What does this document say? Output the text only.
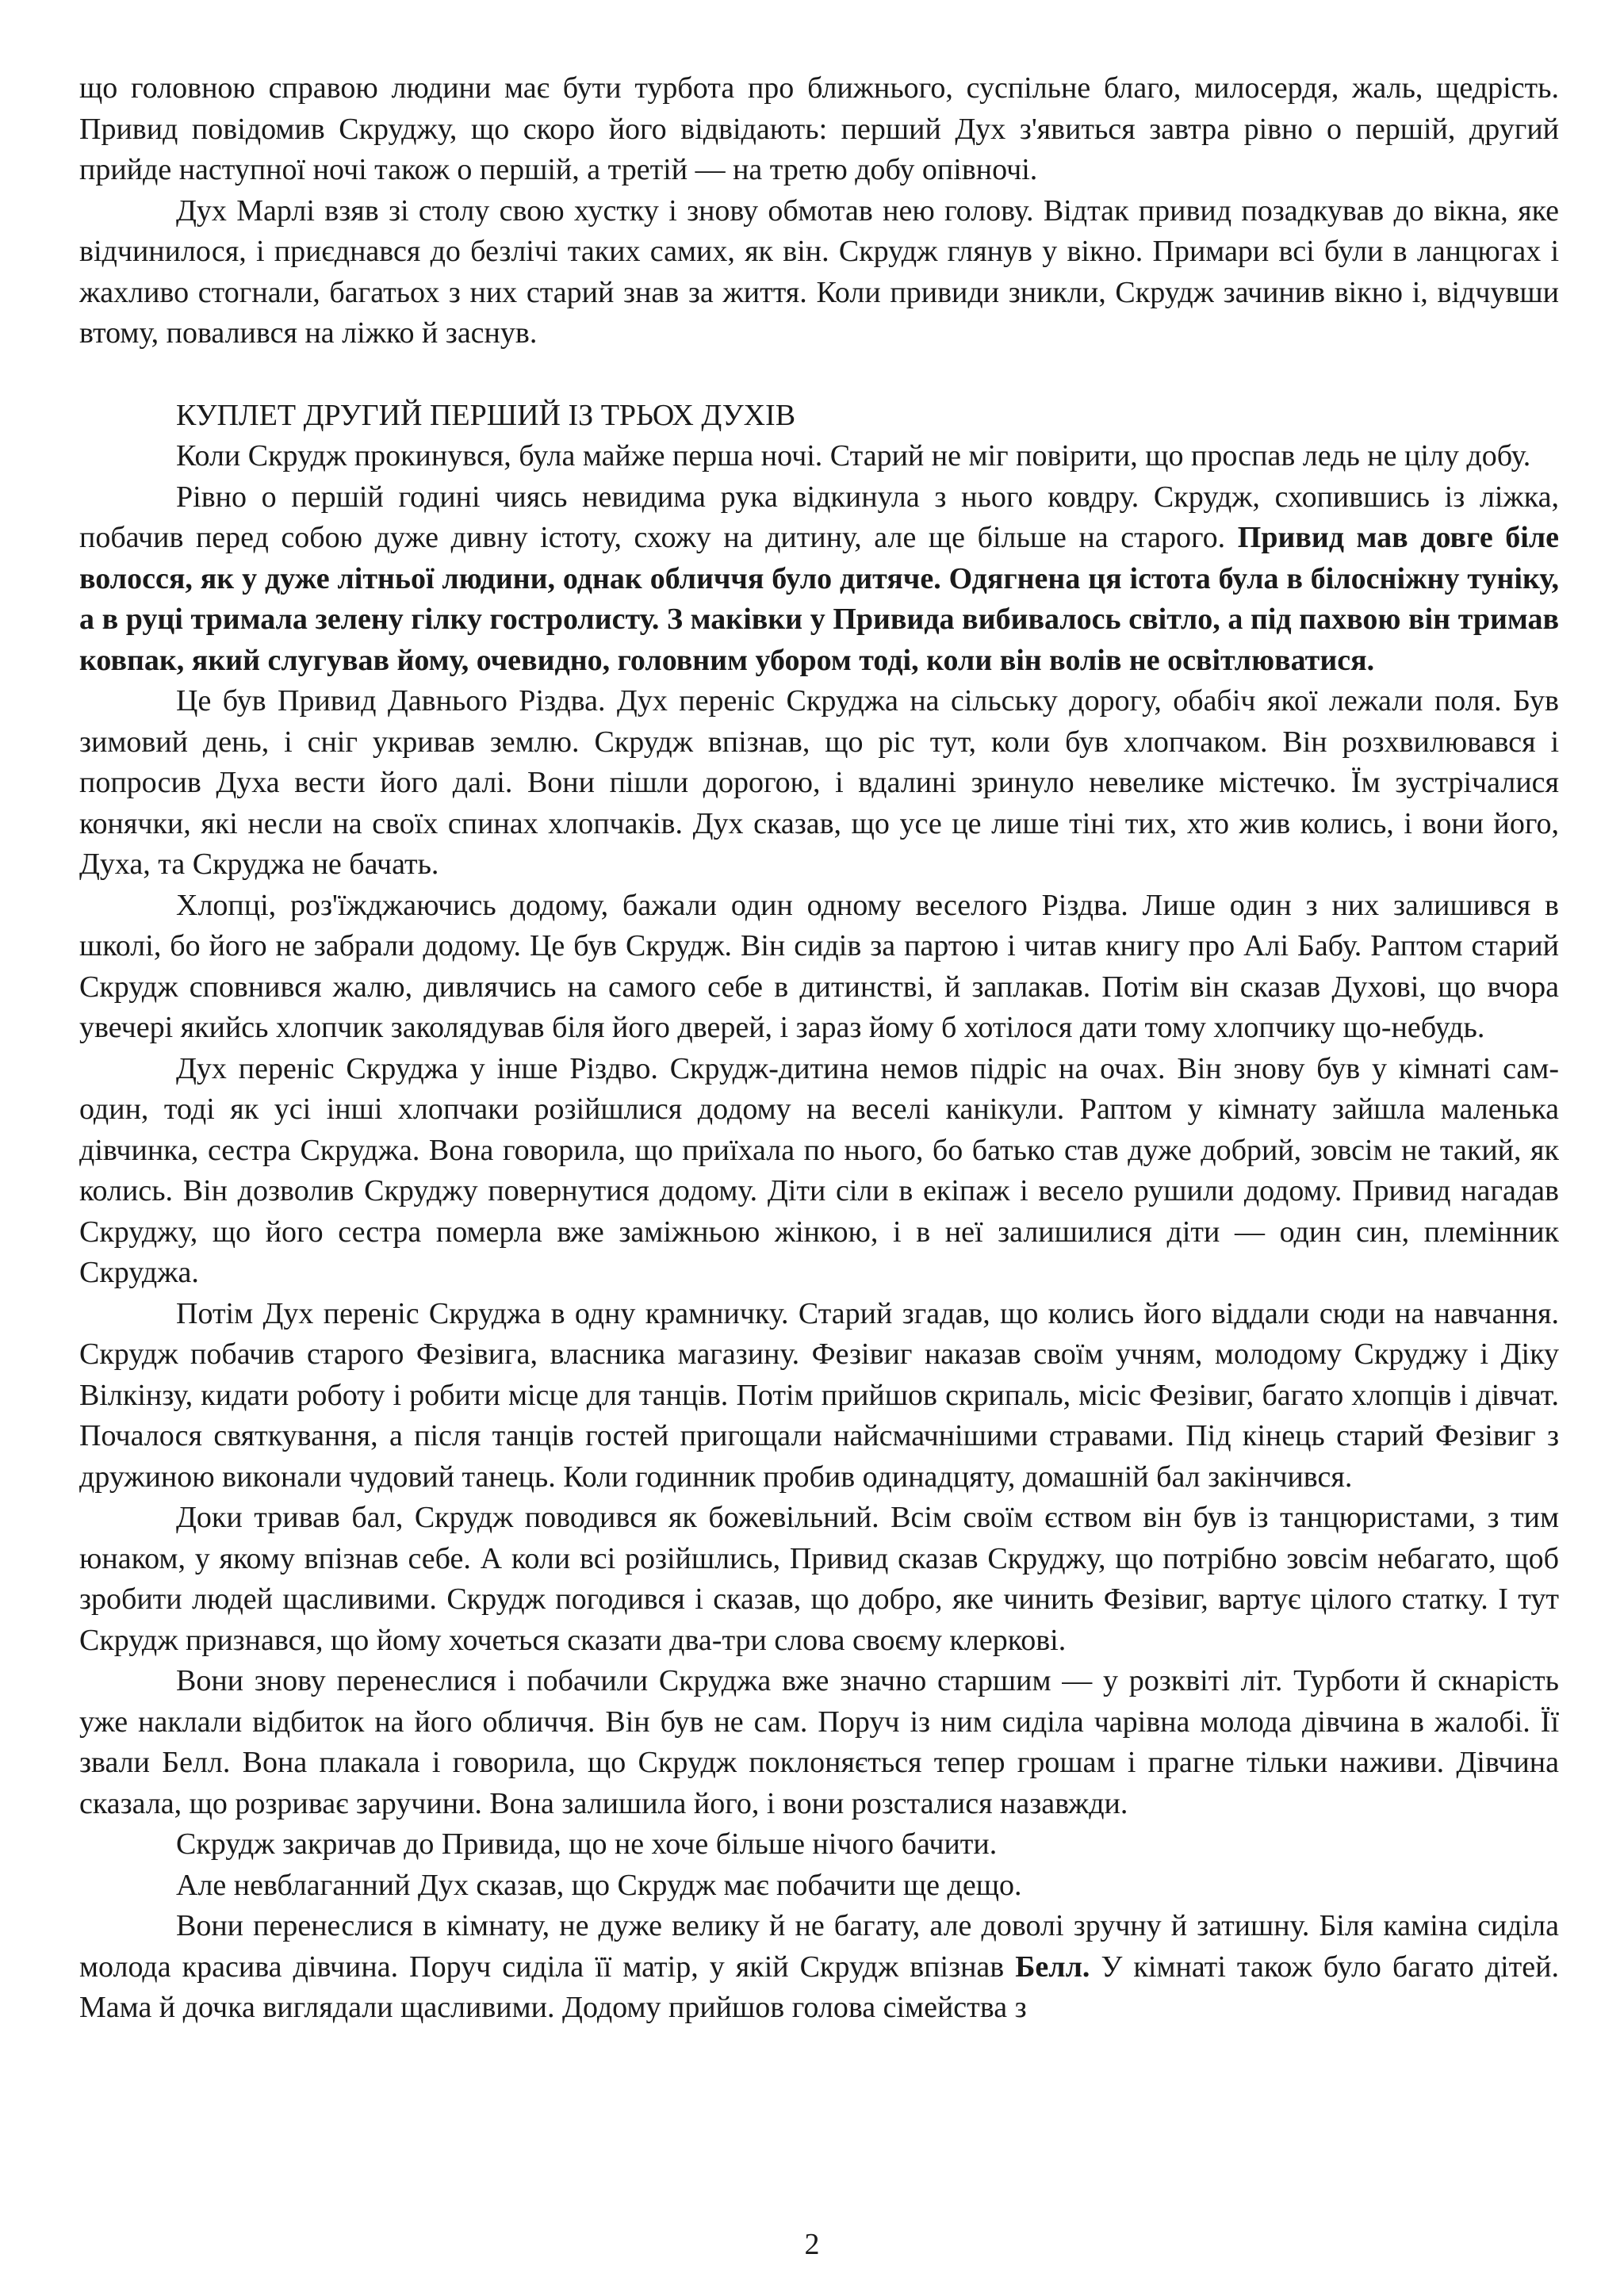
що головною справою людини має бути турбота про ближнього, суспільне благо, милосердя, жаль, щедрість. Привид повідомив Скруджу, що скоро його відвідають: перший Дух з'явиться завтра рівно о першій, другий прийде наступної ночі також о першій, а третій — на третю добу опівночі.

Дух Марлі взяв зі столу свою хустку і знову обмотав нею голову. Відтак привид позадкував до вікна, яке відчинилося, і приєднався до безлічі таких самих, як він. Скрудж глянув у вікно. Примари всі були в ланцюгах і жахливо стогнали, багатьох з них старий знав за життя. Коли привиди зникли, Скрудж зачинив вікно і, відчувши втому, повалився на ліжко й заснув.

КУПЛЕТ ДРУГИЙ ПЕРШИЙ ІЗ ТРЬОХ ДУХІВ

Коли Скрудж прокинувся, була майже перша ночі. Старий не міг повірити, що проспав ледь не цілу добу.

Рівно о першій годині чиясь невидима рука відкинула з нього ковдру. Скрудж, схопившись із ліжка, побачив перед собою дуже дивну істоту, схожу на дитину, але ще більше на старого. Привид мав довге біле волосся, як у дуже літньої людини, однак обличчя було дитяче. Одягнена ця істота була в білосніжну туніку, а в руці тримала зелену гілку гостролисту. З маківки у Привида вибивалось світло, а під пахвою він тримав ковпак, який слугував йому, очевидно, головним убором тоді, коли він волів не освітлюватися.

Це був Привид Давнього Різдва. Дух переніс Скруджа на сільську дорогу, обабіч якої лежали поля. Був зимовий день, і сніг укривав землю. Скрудж впізнав, що ріс тут, коли був хлопчаком. Він розхвилювався і попросив Духа вести його далі. Вони пішли дорогою, і вдалині зринуло невелике містечко. Їм зустрічалися конячки, які несли на своїх спинах хлопчаків. Дух сказав, що усе це лише тіні тих, хто жив колись, і вони його, Духа, та Скруджа не бачать.

Хлопці, роз'їжджаючись додому, бажали один одному веселого Різдва. Лише один з них залишився в школі, бо його не забрали додому. Це був Скрудж. Він сидів за партою і читав книгу про Алі Бабу. Раптом старий Скрудж сповнився жалю, дивлячись на самого себе в дитинстві, й заплакав. Потім він сказав Духові, що вчора увечері якийсь хлопчик заколядував біля його дверей, і зараз йому б хотілося дати тому хлопчику що-небудь.

Дух переніс Скруджа у інше Різдво. Скрудж-дитина немов підріс на очах. Він знову був у кімнаті сам-один, тоді як усі інші хлопчаки розійшлися додому на веселі канікули. Раптом у кімнату зайшла маленька дівчинка, сестра Скруджа. Вона говорила, що приїхала по нього, бо батько став дуже добрий, зовсім не такий, як колись. Він дозволив Скруджу повернутися додому. Діти сіли в екіпаж і весело рушили додому. Привид нагадав Скруджу, що його сестра померла вже заміжньою жінкою, і в неї залишилися діти — один син, племінник Скруджа.

Потім Дух переніс Скруджа в одну крамничку. Старий згадав, що колись його віддали сюди на навчання. Скрудж побачив старого Фезівига, власника магазину. Фезівиг наказав своїм учням, молодому Скруджу і Діку Вілкінзу, кидати роботу і робити місце для танців. Потім прийшов скрипаль, місіс Фезівиг, багато хлопців і дівчат. Почалося святкування, а після танців гостей пригощали найсмачнішими стравами. Під кінець старий Фезівиг з дружиною виконали чудовий танець. Коли годинник пробив одинадцяту, домашній бал закінчився.

Доки тривав бал, Скрудж поводився як божевільний. Всім своїм єством він був із танцюристами, з тим юнаком, у якому впізнав себе. А коли всі розійшлись, Привид сказав Скруджу, що потрібно зовсім небагато, щоб зробити людей щасливими. Скрудж погодився і сказав, що добро, яке чинить Фезівиг, вартує цілого статку. І тут Скрудж признався, що йому хочеться сказати два-три слова своєму клеркові.

Вони знову перенеслися і побачили Скруджа вже значно старшим — у розквіті літ. Турботи й скнарість уже наклали відбиток на його обличчя. Він був не сам. Поруч із ним сиділа чарівна молода дівчина в жалобі. Її звали Белл. Вона плакала і говорила, що Скрудж поклоняється тепер грошам і прагне тільки наживи. Дівчина сказала, що розриває заручини. Вона залишила його, і вони розсталися назавжди.

Скрудж закричав до Привида, що не хоче більше нічого бачити.

Але невблаганний Дух сказав, що Скрудж має побачити ще дещо.

Вони перенеслися в кімнату, не дуже велику й не багату, але доволі зручну й затишну. Біля каміна сиділа молода красива дівчина. Поруч сиділа її матір, у якій Скрудж впізнав Белл. У кімнаті також було багато дітей. Мама й дочка виглядали щасливими. Додому прийшов голова сімейства з

2
